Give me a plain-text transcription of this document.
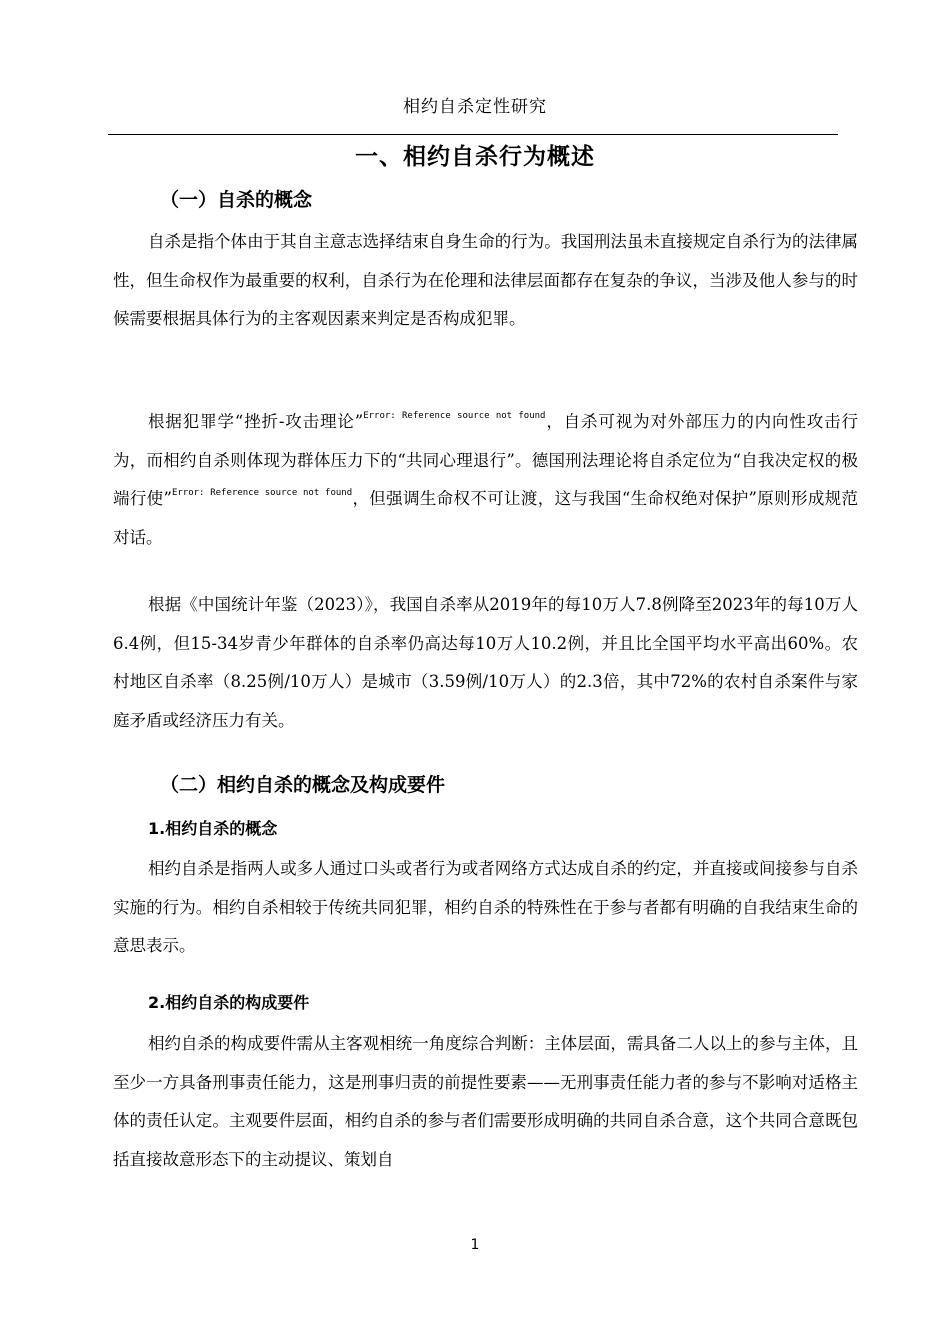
相约自杀定性研究
一、相约自杀行为概述
（一）自杀的概念

自杀是指个体由于其自主意志选择结束自身生命的行为。我国刑法虽未直接规定自杀行为的法律属性，但生命权作为最重要的权利，自杀行为在伦理和法律层面都存在复杂的争议，当涉及他人参与的时候需要根据具体行为的主客观因素来判定是否构成犯罪。

根据犯罪学“挫折-攻击理论”$^{Error: Reference source not found}$，自杀可视为对外部压力的内向性攻击行为，而相约自杀则体现为群体压力下的“共同心理退行”。德国刑法理论将自杀定位为“自我决定权的极端行使”$^{Error: Reference source not found}$，但强调生命权不可让渡，这与我国“生命权绝对保护”原则形成规范对话。

根据《中国统计年鉴（2023）》，我国自杀率从2019年的每10万人7.8例降至2023年的每10万人6.4例，但15-34岁青少年群体的自杀率仍高达每10万人10.2例，并且比全国平均水平高出60%。农村地区自杀率（8.25例/10万人）是城市（3.59例/10万人）的2.3倍，其中72%的农村自杀案件与家庭矛盾或经济压力有关。

（二）相约自杀的概念及构成要件
1.相约自杀的概念

相约自杀是指两人或多人通过口头或者行为或者网络方式达成自杀的约定，并直接或间接参与自杀实施的行为。相约自杀相较于传统共同犯罪，相约自杀的特殊性在于参与者都有明确的自我结束生命的意思表示。

2.相约自杀的构成要件

相约自杀的构成要件需从主客观相统一角度综合判断：主体层面，需具备二人以上的参与主体，且至少一方具备刑事责任能力，这是刑事归责的前提性要素——无刑事责任能力者的参与不影响对适格主体的责任认定。主观要件层面，相约自杀的参与者们需要形成明确的共同自杀合意，这个共同合意既包括直接故意形态下的主动提议、策划自

1
